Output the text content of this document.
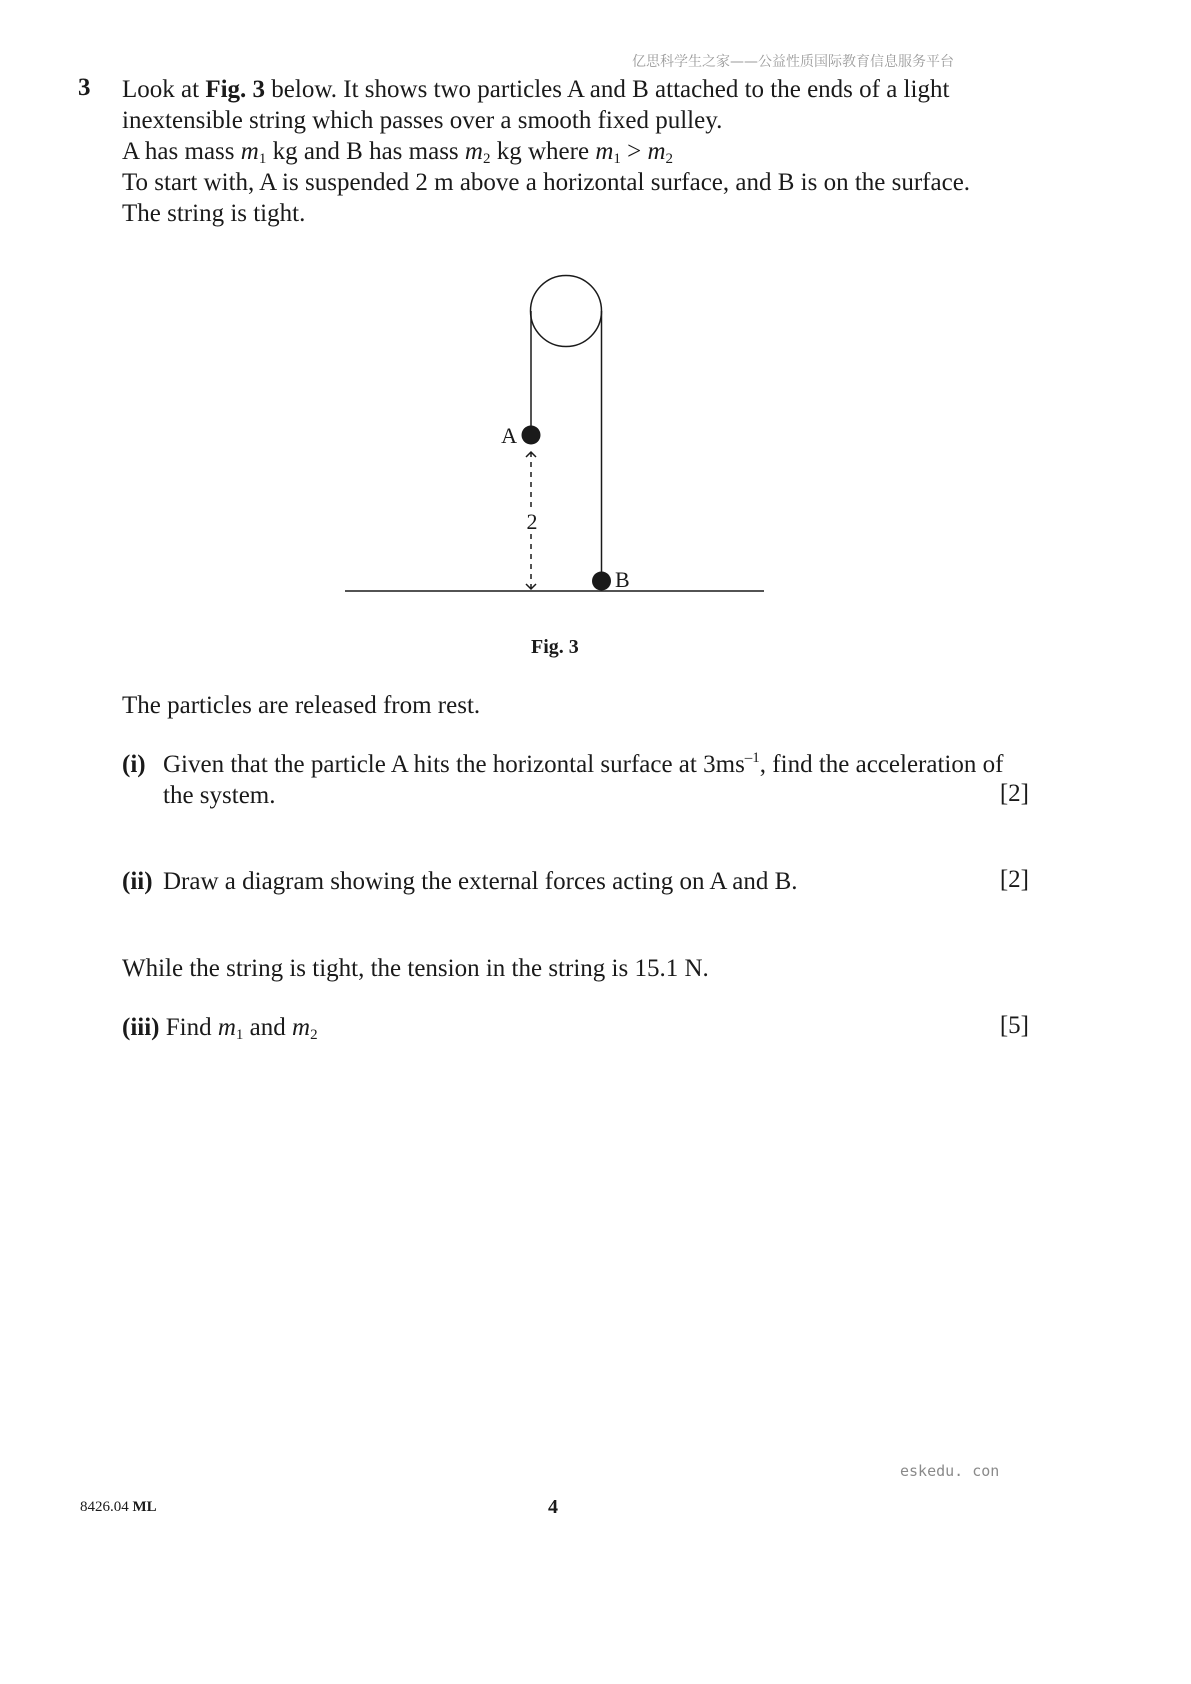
亿思科学生之家——公益性质国际教育信息服务平台
3 Look at Fig. 3 below. It shows two particles A and B attached to the ends of a light
inextensible string which passes over a smooth fixed pulley.
A has mass $m_1$ kg and B has mass $m_2$ kg where $m_1 > m_2$
To start with, A is suspended 2 m above a horizontal surface, and B is on the surface.
The string is tight.
A
B
2
Fig. 3
The particles are released from rest.
(i) Given that the particle A hits the horizontal surface at $3ms^{-1}$, find the acceleration of
the system.	[2]
(ii) Draw a diagram showing the external forces acting on A and B.	[2]
While the string is tight, the tension in the string is 15.1 N.
(iii) Find $m_1$ and $m_2$	[5]
eskedu. con
8426.04 ML	4
